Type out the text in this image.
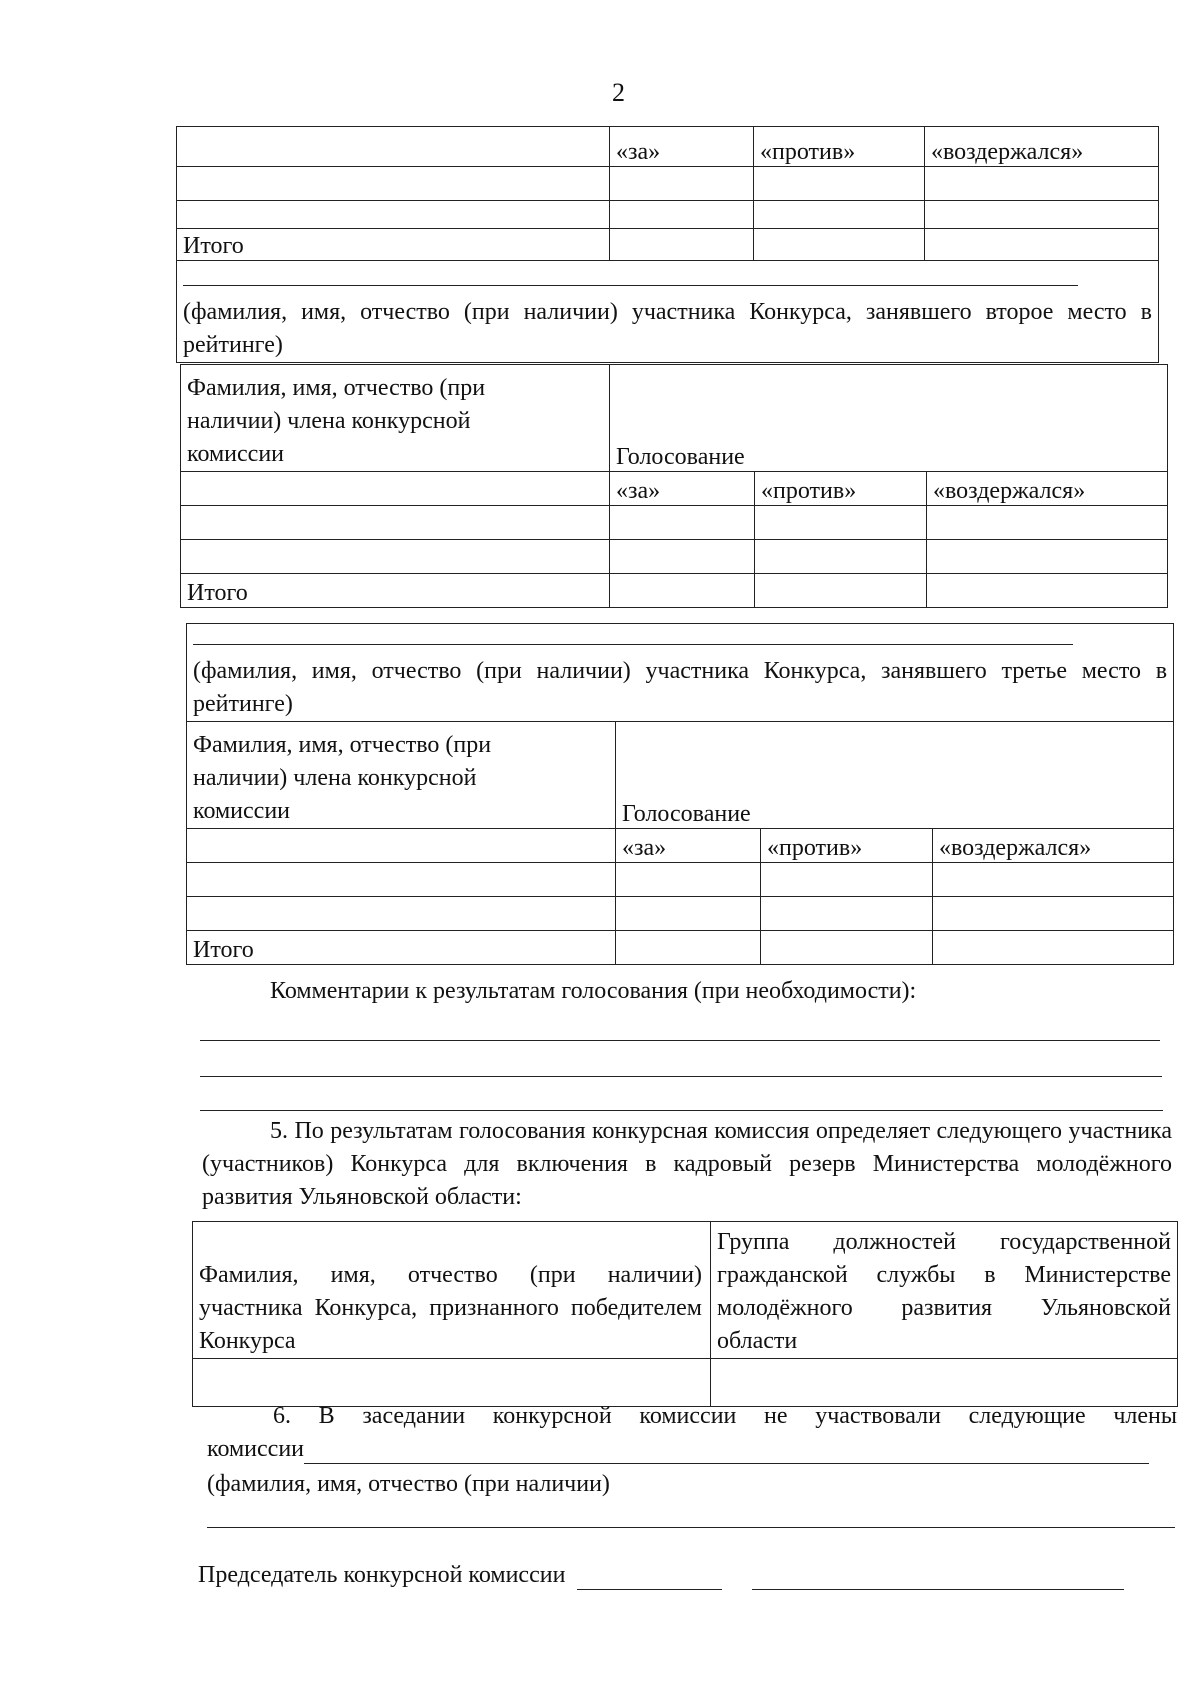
2
	«за»	«против»	«воздержался»

Итого			

(фамилия, имя, отчество (при наличии) участника Конкурса, занявшего второе место в рейтинге)			
Фамилия, имя, отчество (при наличии) члена конкурсной комиссии	Голосование		
	«за»	«против»	«воздержался»

Итого			
(фамилия, имя, отчество (при наличии) участника Конкурса, занявшего третье место в рейтинге)			

Фамилия, имя, отчество (при наличии) члена конкурсной комиссии	Голосование		
	«за»	«против»	«воздержался»

Итого			
Комментарии к результатам голосования (при необходимости):
5. По результатам голосования конкурсная комиссия определяет следующего участника (участников) Конкурса для включения в кадровый резерв Министерства молодёжного развития Ульяновской области:
Фамилия, имя, отчество (при наличии) участника Конкурса, признанного победителем Конкурса	Группа должностей государственной гражданской службы в Министерстве молодёжного развития Ульяновской области

6. В заседании конкурсной комиссии не участвовали следующие члены
комиссии
(фамилия, имя, отчество (при наличии)
Председатель конкурсной комиссии
